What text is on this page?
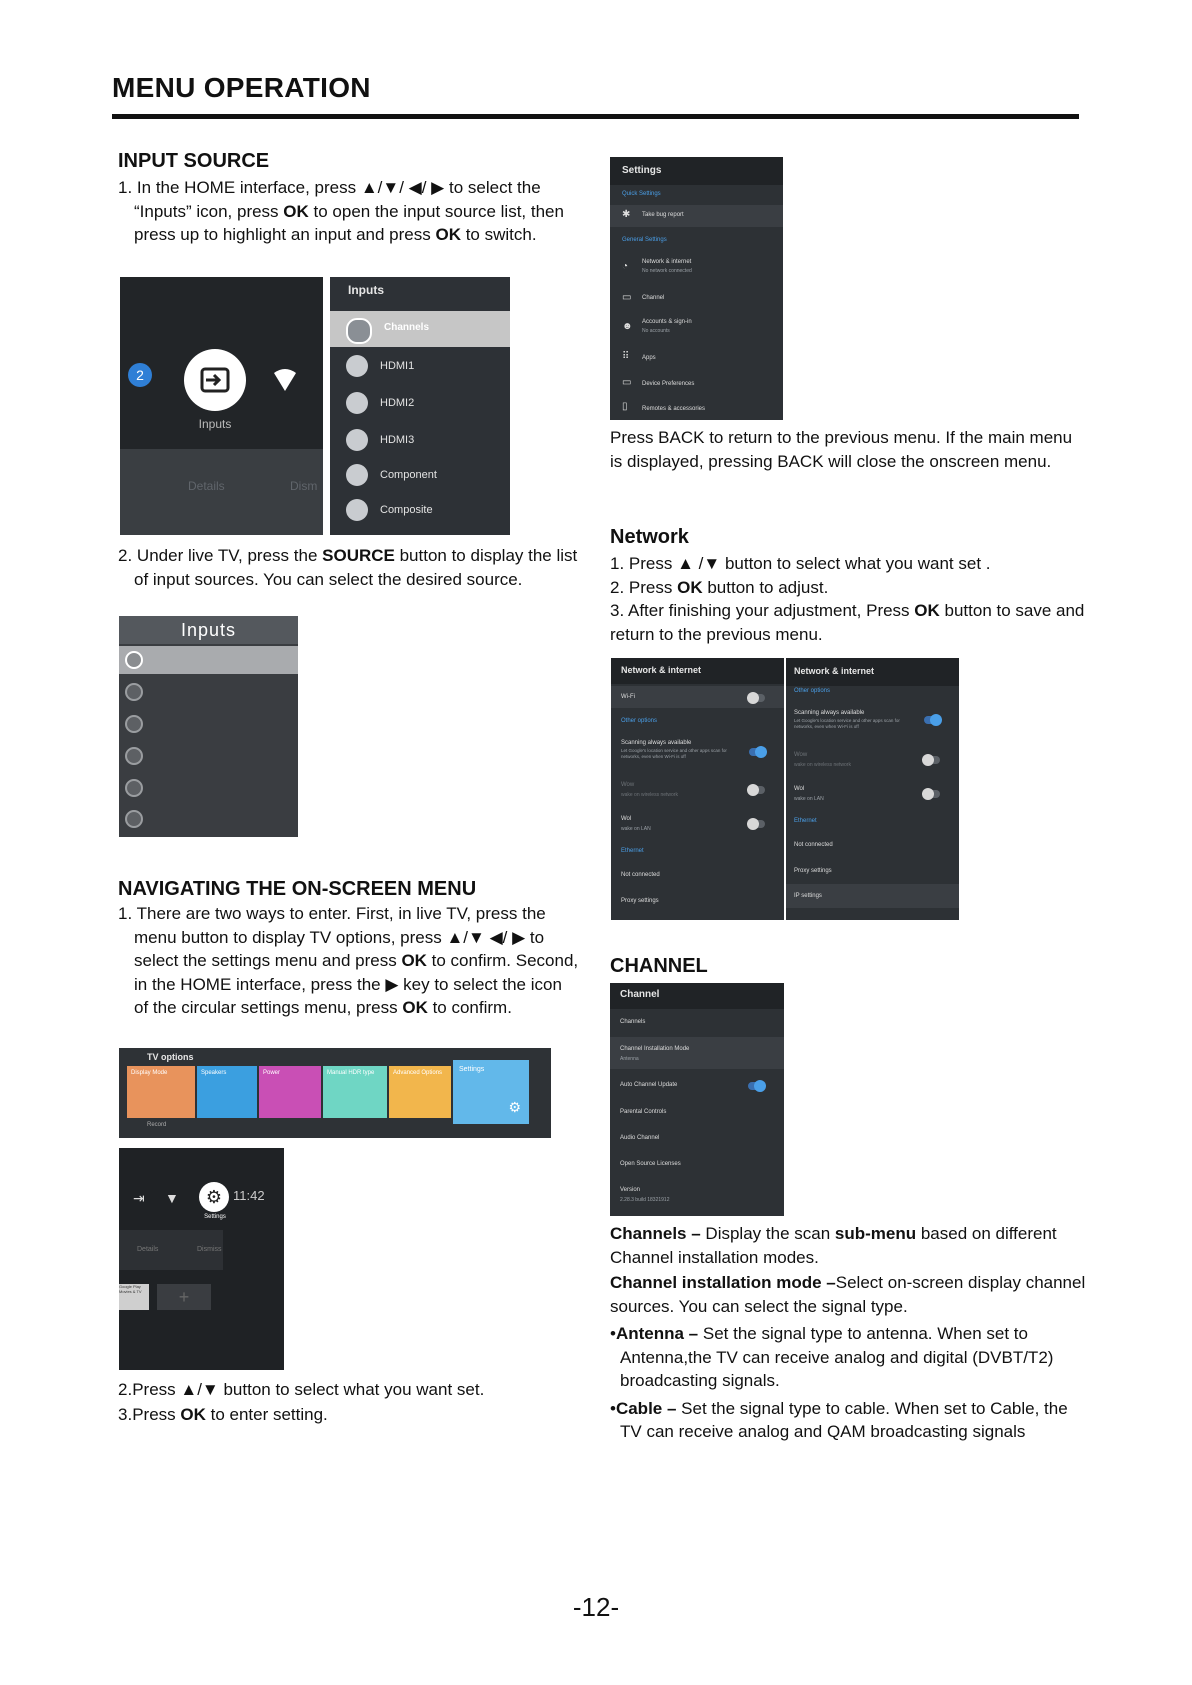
MENU OPERATION
INPUT SOURCE
1. In the HOME interface, press ▲/▼/ ◀/ ▶ to select the “Inputs” icon, press OK to open the input source list, then press up to highlight an input and press OK to switch.
2
Inputs
Details	Dism
Inputs
Channels
HDMI1
HDMI2
HDMI3
Component
Composite
2. Under live TV, press the SOURCE button to display the list of input sources. You can select the desired source.
Inputs
NAVIGATING THE ON-SCREEN MENU
1. There are two ways to enter. First, in live TV, press the menu button to display TV options, press ▲/▼ ◀/ ▶ to select the settings menu and press OK to confirm. Second, in the HOME interface, press the ▶ key to select the icon of the circular settings menu, press OK to confirm.
TV options
Display Mode	Speakers	Power	Manual HDR type	Advanced Options Settings
⚙
Record
⇥ ▼	⚙ 11:42
Settings
Details	Dismiss
Google Play Movies & TV	+
2.Press ▲/▼ button to select what you want set.
3.Press OK to enter setting.
Settings
Quick Settings
✱ Take bug report
General Settings
◔ Network & internet
No network connected
▭ Channel
☻ Accounts & sign-in
No accounts
⠿ Apps
▭ Device Preferences
▯ Remotes & accessories
Press BACK to return to the previous menu. If the main menu is displayed, pressing BACK will close the onscreen menu.
Network
1. Press ▲ /▼ button to select what you want set .
2. Press OK button to adjust.
3. After finishing your adjustment, Press OK button to save and return to the previous menu.
Network & internet
Wi-Fi
Other options
Scanning always available
Let Google's location service and other apps scan for networks, even when Wi-Fi is off
Wow
wake on wireless network
Wol
wake on LAN
Ethernet
Not connected
Proxy settings
Network & internet
Other options
Scanning always available
Let Google's location service and other apps scan for networks, even when Wi-Fi is off
Wow
wake on wireless network
Wol
wake on LAN
Ethernet
Not connected
Proxy settings
IP settings
CHANNEL
Channel
Channels
Channel Installation Mode
Antenna
Auto Channel Update
Parental Controls
Audio Channel
Open Source Licenses
Version
2.28.3 build 18321912
Channels – Display the scan sub-menu based on different Channel installation modes.
Channel installation mode –Select on-screen display channel sources. You can select the signal type.
•Antenna – Set the signal type to antenna. When set to Antenna,the TV can receive analog and digital (DVBT/T2) broadcasting signals.
•Cable – Set the signal type to cable. When set to Cable, the TV can receive analog and QAM broadcasting signals
-12-
